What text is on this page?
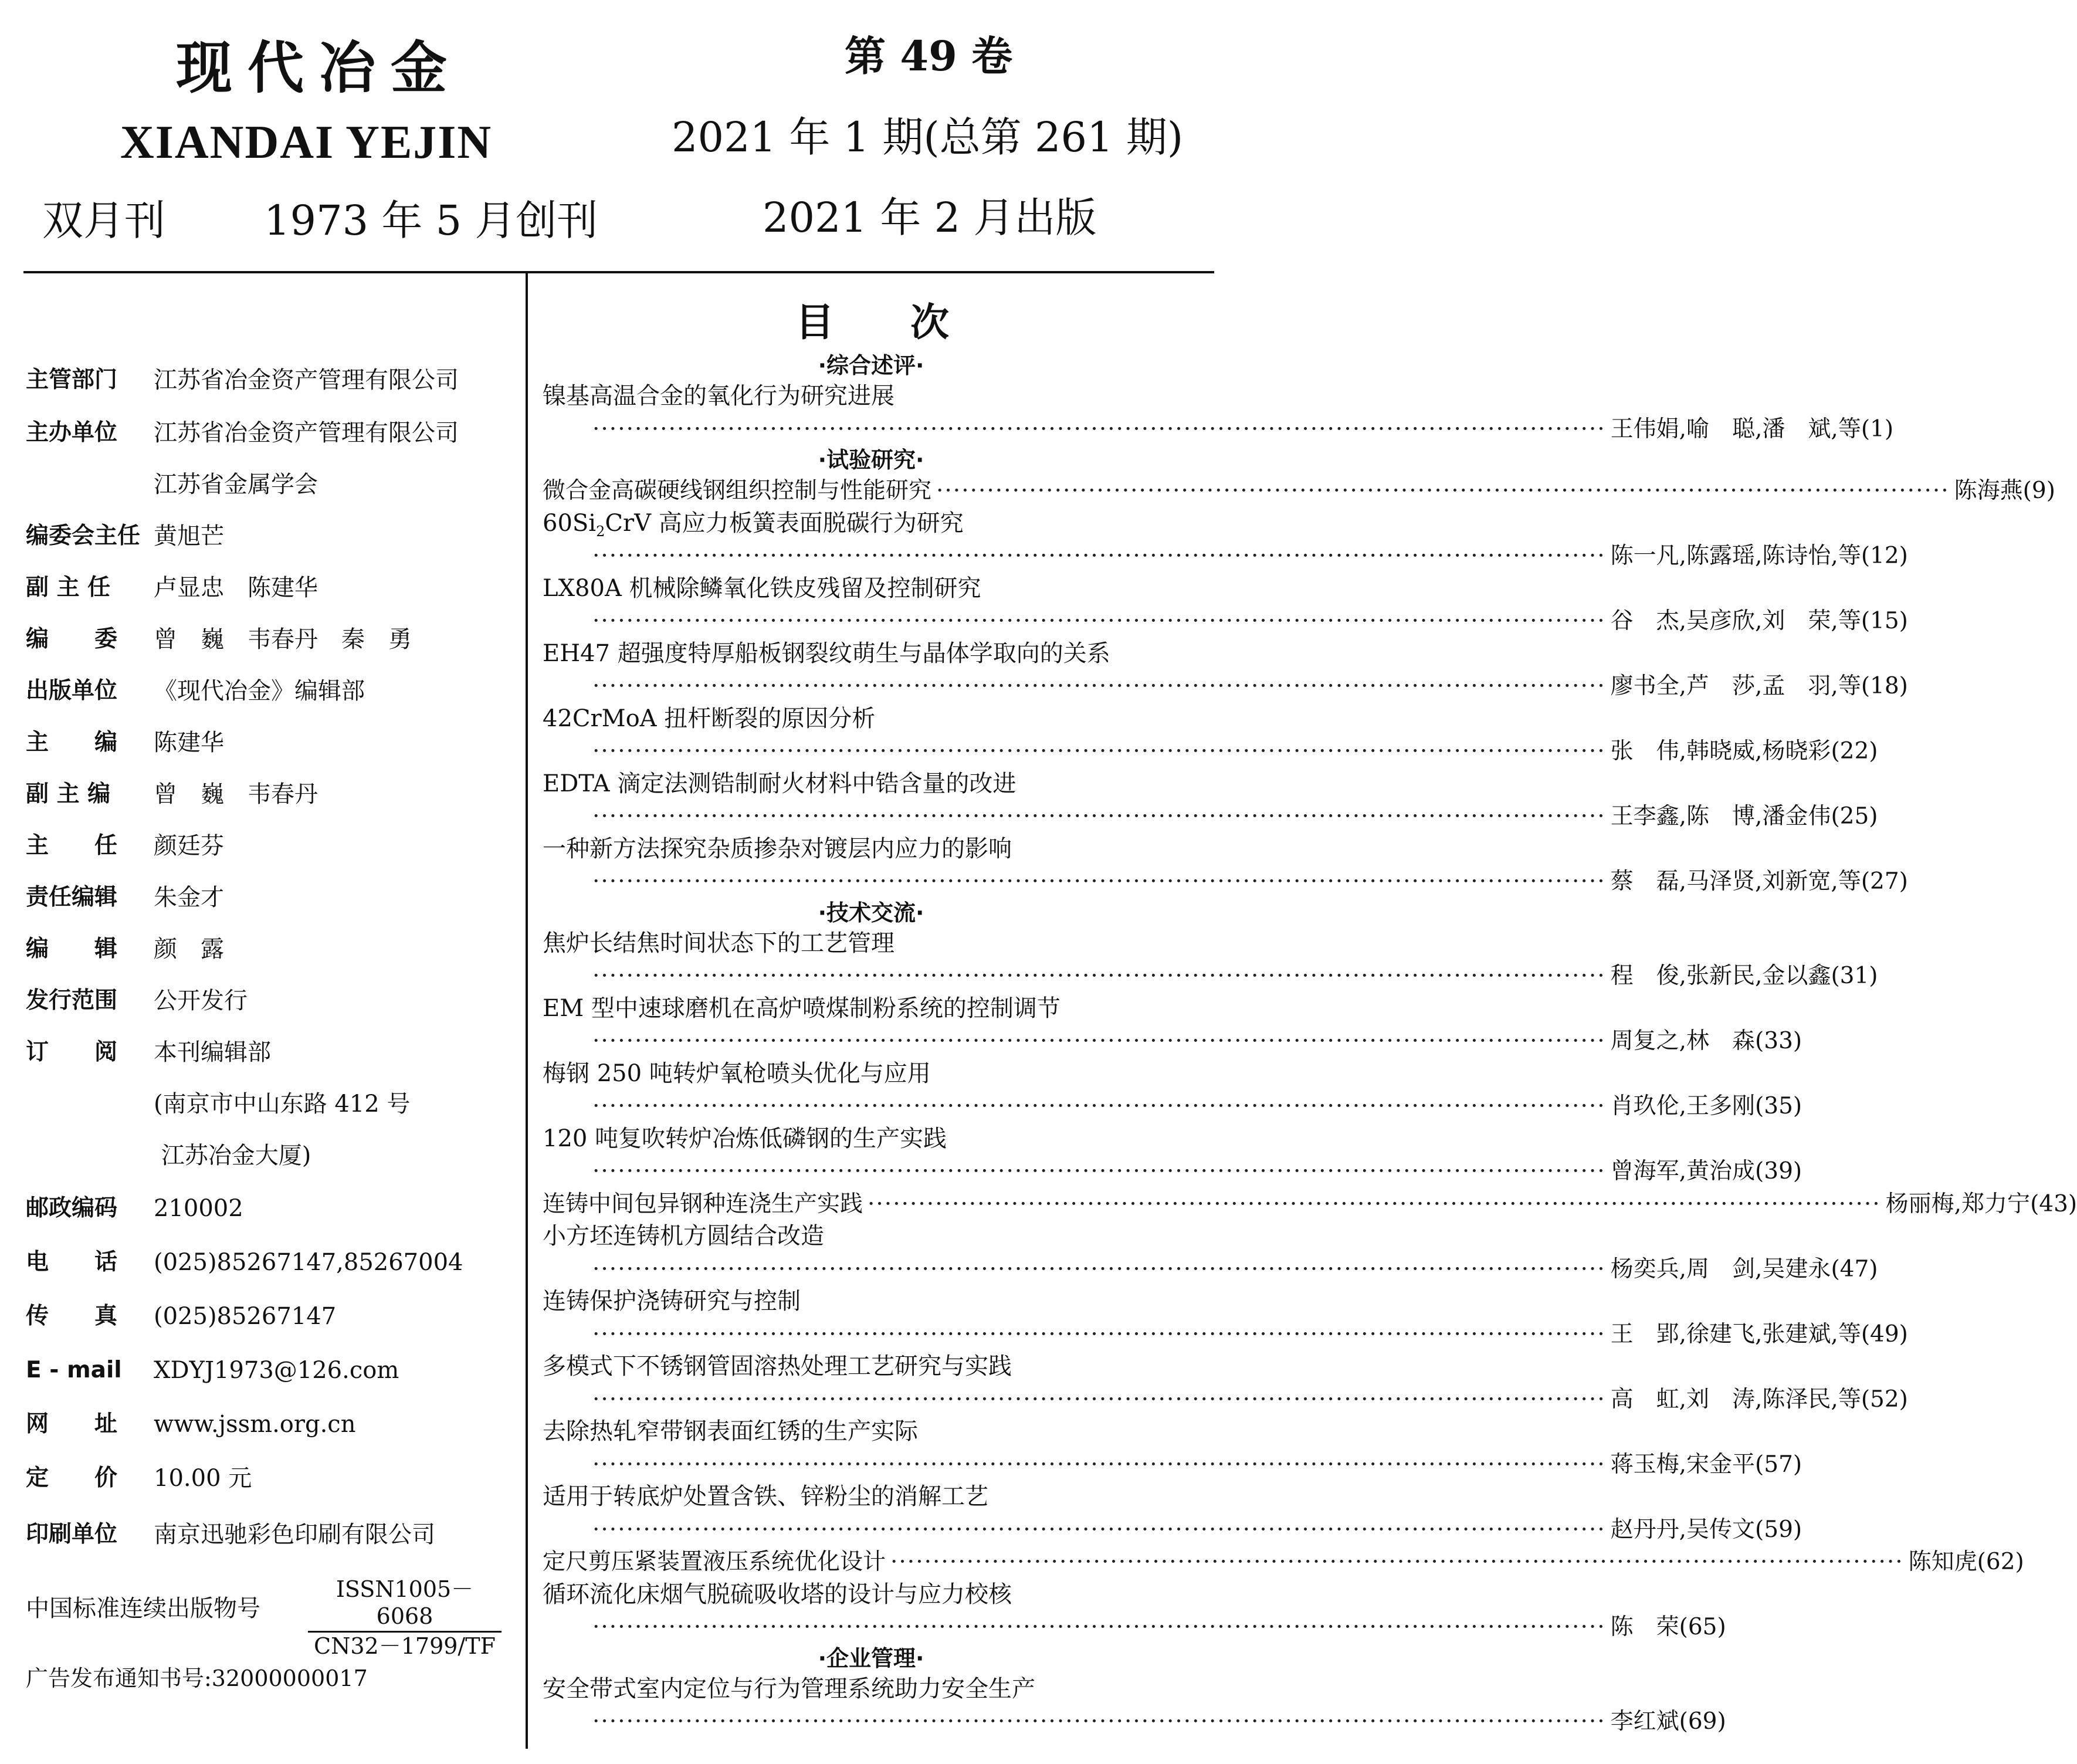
现代冶金
XIANDAI YEJIN
双月刊 1973 年 5 月创刊
第 49 卷
2021 年 1 期(总第 261 期)
2021 年 2 月出版
主管部门	江苏省冶金资产管理有限公司
主办单位	江苏省冶金资产管理有限公司
江苏省金属学会
编委会主任 黄旭芒
副 主 任	卢显忠　陈建华
编　　委	曾　巍　韦春丹　秦　勇
出版单位	《现代冶金》编辑部
主　　编	陈建华
副 主 编	曾　巍　韦春丹
主　　任	颜廷芬
责任编辑	朱金才
编　　辑	颜　露
发行范围	公开发行
订　　阅	本刊编辑部
(南京市中山东路 412 号
江苏冶金大厦)
邮政编码	210002
电　　话	(025)85267147,85267004
传　　真	(025)85267147
E - mail	XDYJ1973@126.com
网　　址	www.jssm.org.cn
定　　价	10.00 元
印刷单位	南京迅驰彩色印刷有限公司
中国标准连续出版物号
ISSN1005－6068
CN32－1799/TF
广告发布通知书号:32000000017
目次
·综合述评·
镍基高温合金的氧化行为研究进展
························································································································ 王伟娟,喻　聪,潘　斌,等 (1)
·试验研究·
微合金高碳硬线钢组织控制与性能研究 ························································································································ 陈海燕 (9)
$60Si_2CrV$ 高应力板簧表面脱碳行为研究
························································································································ 陈一凡,陈露瑶,陈诗怡,等 (12)
LX80A 机械除鳞氧化铁皮残留及控制研究
························································································································ 谷　杰,吴彦欣,刘　荣,等 (15)
EH47 超强度特厚船板钢裂纹萌生与晶体学取向的关系
························································································································ 廖书全,芦　莎,孟　羽,等 (18)
42CrMoA 扭杆断裂的原因分析
························································································································ 张　伟,韩晓威,杨晓彩 (22)
EDTA 滴定法测锆制耐火材料中锆含量的改进
························································································································ 王李鑫,陈　博,潘金伟 (25)
一种新方法探究杂质掺杂对镀层内应力的影响
························································································································ 蔡　磊,马泽贤,刘新宽,等 (27)
·技术交流·
焦炉长结焦时间状态下的工艺管理
························································································································ 程　俊,张新民,金以鑫 (31)
EM 型中速球磨机在高炉喷煤制粉系统的控制调节
························································································································ 周复之,林　森 (33)
梅钢 250 吨转炉氧枪喷头优化与应用
························································································································ 肖玖伦,王多刚 (35)
120 吨复吹转炉冶炼低磷钢的生产实践
························································································································ 曾海军,黄治成 (39)
连铸中间包异钢种连浇生产实践 ························································································································ 杨丽梅,郑力宁 (43)
小方坯连铸机方圆结合改造
························································································································ 杨奕兵,周　剑,吴建永 (47)
连铸保护浇铸研究与控制
························································································································ 王　郢,徐建飞,张建斌,等 (49)
多模式下不锈钢管固溶热处理工艺研究与实践
························································································································ 高　虹,刘　涛,陈泽民,等 (52)
去除热轧窄带钢表面红锈的生产实际
························································································································ 蒋玉梅,宋金平 (57)
适用于转底炉处置含铁、锌粉尘的消解工艺
························································································································ 赵丹丹,吴传文 (59)
定尺剪压紧装置液压系统优化设计 ························································································································ 陈知虎 (62)
循环流化床烟气脱硫吸收塔的设计与应力校核
························································································································ 陈　荣 (65)
·企业管理·
安全带式室内定位与行为管理系统助力安全生产
························································································································ 李红斌 (69)
